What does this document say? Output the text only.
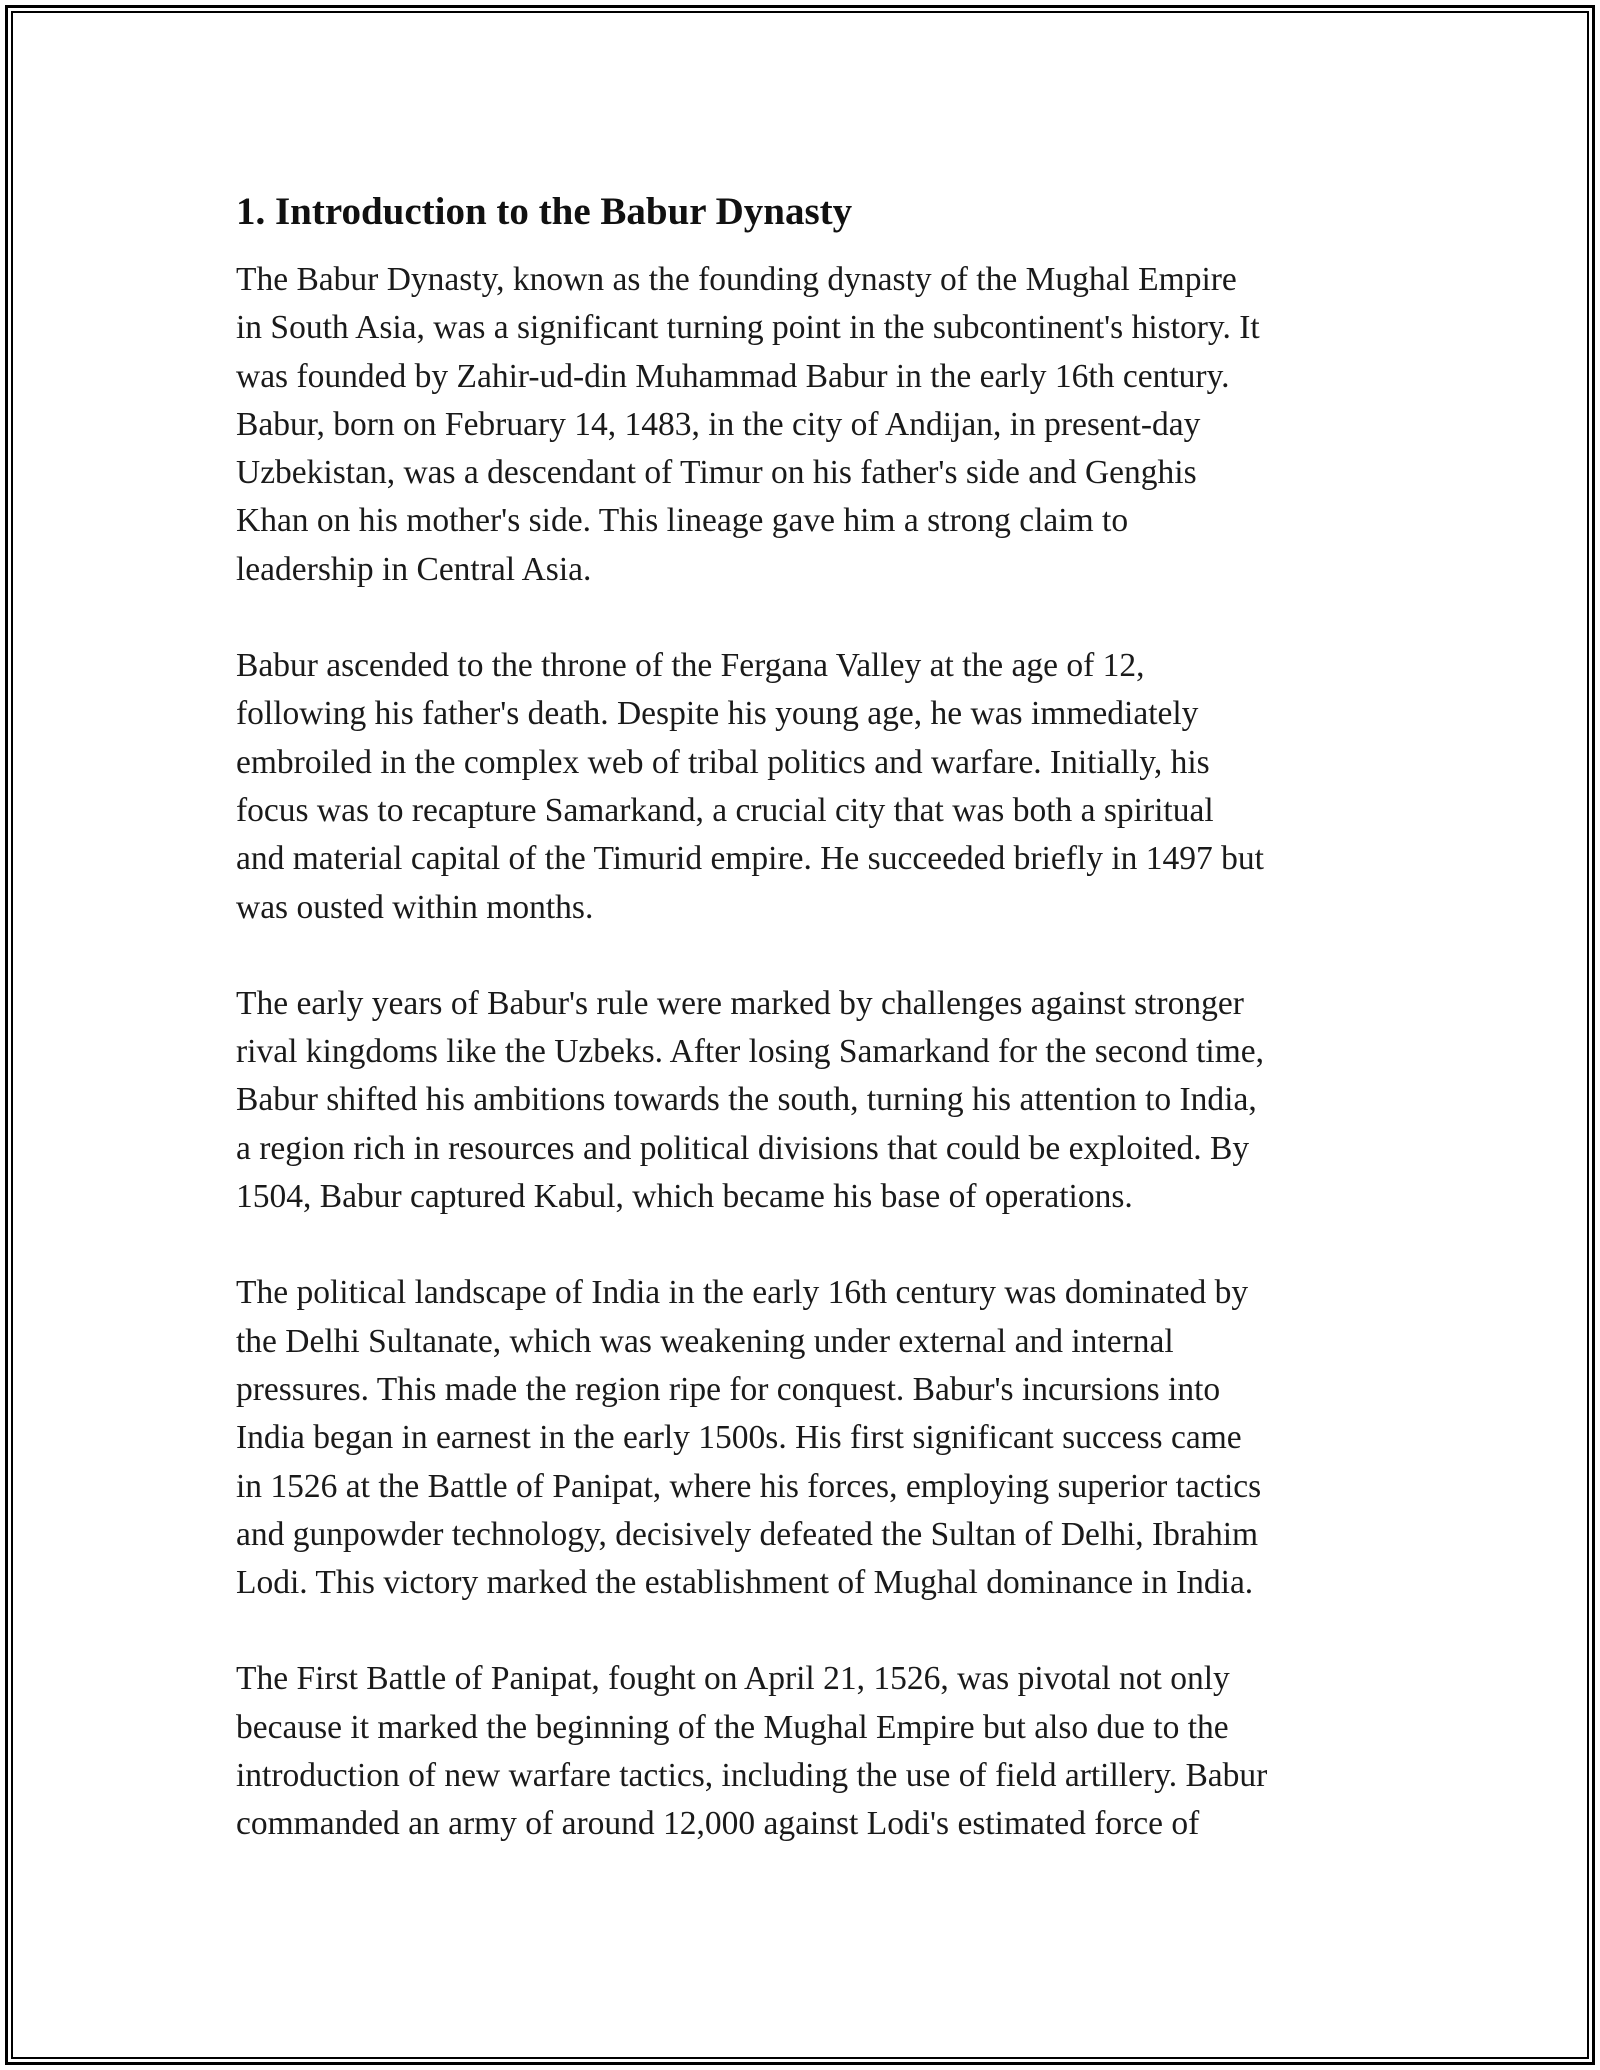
1. Introduction to the Babur Dynasty

The Babur Dynasty, known as the founding dynasty of the Mughal Empire
in South Asia, was a significant turning point in the subcontinent's history. It
was founded by Zahir-ud-din Muhammad Babur in the early 16th century.
Babur, born on February 14, 1483, in the city of Andijan, in present-day
Uzbekistan, was a descendant of Timur on his father's side and Genghis
Khan on his mother's side. This lineage gave him a strong claim to
leadership in Central Asia.

Babur ascended to the throne of the Fergana Valley at the age of 12,
following his father's death. Despite his young age, he was immediately
embroiled in the complex web of tribal politics and warfare. Initially, his
focus was to recapture Samarkand, a crucial city that was both a spiritual
and material capital of the Timurid empire. He succeeded briefly in 1497 but
was ousted within months.

The early years of Babur's rule were marked by challenges against stronger
rival kingdoms like the Uzbeks. After losing Samarkand for the second time,
Babur shifted his ambitions towards the south, turning his attention to India,
a region rich in resources and political divisions that could be exploited. By
1504, Babur captured Kabul, which became his base of operations.

The political landscape of India in the early 16th century was dominated by
the Delhi Sultanate, which was weakening under external and internal
pressures. This made the region ripe for conquest. Babur's incursions into
India began in earnest in the early 1500s. His first significant success came
in 1526 at the Battle of Panipat, where his forces, employing superior tactics
and gunpowder technology, decisively defeated the Sultan of Delhi, Ibrahim
Lodi. This victory marked the establishment of Mughal dominance in India.

The First Battle of Panipat, fought on April 21, 1526, was pivotal not only
because it marked the beginning of the Mughal Empire but also due to the
introduction of new warfare tactics, including the use of field artillery. Babur
commanded an army of around 12,000 against Lodi's estimated force of
